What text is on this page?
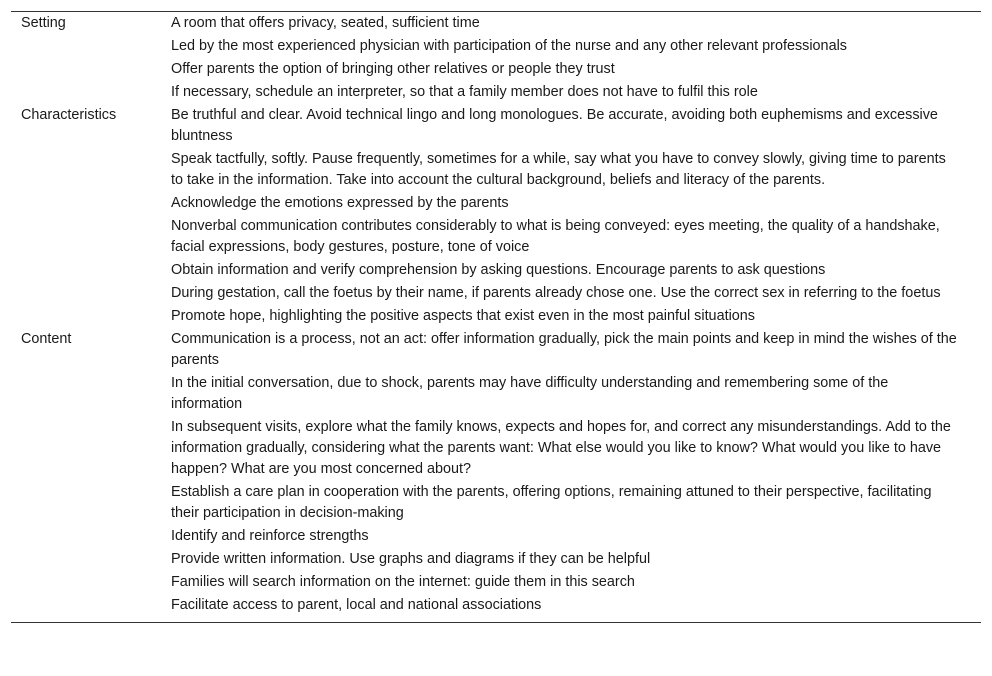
Setting	A room that offers privacy, seated, sufficient time
	Led by the most experienced physician with participation of the nurse and any other relevant professionals
	Offer parents the option of bringing other relatives or people they trust
	If necessary, schedule an interpreter, so that a family member does not have to fulfil this role
Characteristics	Be truthful and clear. Avoid technical lingo and long monologues. Be accurate, avoiding both euphemisms and excessive bluntness
	Speak tactfully, softly. Pause frequently, sometimes for a while, say what you have to convey slowly, giving time to parents to take in the information. Take into account the cultural background, beliefs and literacy of the parents.
	Acknowledge the emotions expressed by the parents
	Nonverbal communication contributes considerably to what is being conveyed: eyes meeting, the quality of a handshake, facial expressions, body gestures, posture, tone of voice
	Obtain information and verify comprehension by asking questions. Encourage parents to ask questions
	During gestation, call the foetus by their name, if parents already chose one. Use the correct sex in referring to the foetus
	Promote hope, highlighting the positive aspects that exist even in the most painful situations
Content	Communication is a process, not an act: offer information gradually, pick the main points and keep in mind the wishes of the parents
	In the initial conversation, due to shock, parents may have difficulty understanding and remembering some of the information
	In subsequent visits, explore what the family knows, expects and hopes for, and correct any misunderstandings. Add to the information gradually, considering what the parents want: What else would you like to know? What would you like to have happen? What are you most concerned about?
	Establish a care plan in cooperation with the parents, offering options, remaining attuned to their perspective, facilitating their participation in decision-making
	Identify and reinforce strengths
	Provide written information. Use graphs and diagrams if they can be helpful
	Families will search information on the internet: guide them in this search
	Facilitate access to parent, local and national associations
